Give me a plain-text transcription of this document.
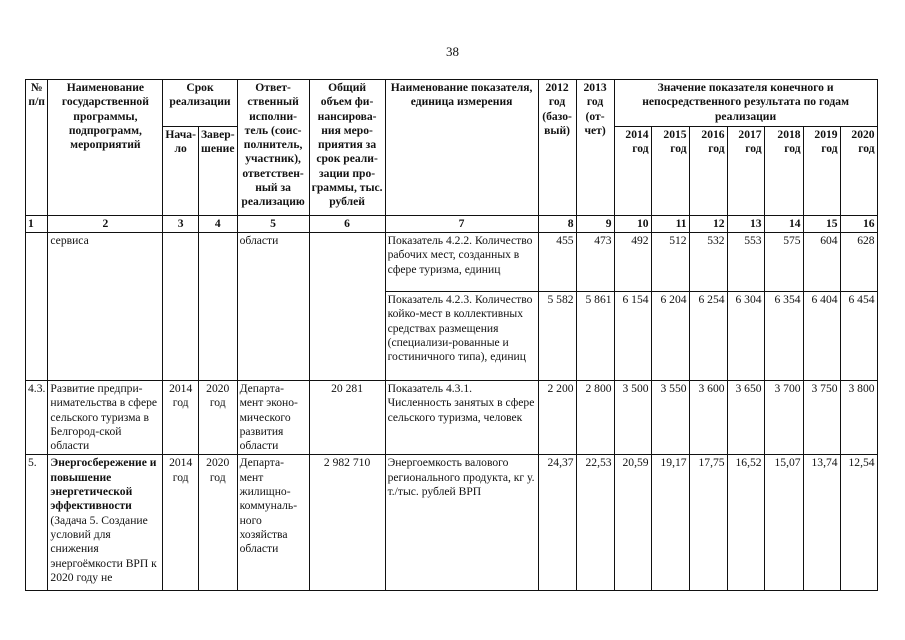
38
№ п/п	Наименование государственной программы, подпрограмм, мероприятий	Срок реализации		Ответ-ственный исполни-тель (соис-полнитель, участник), ответствен-ный за реализацию	Общий объем фи-нансирова-ния меро-приятия за срок реали-зации про-граммы, тыс. рублей	Наименование показателя, единица измерения	2012 год (базо-вый)	2013 год (от-чет)	Значение показателя конечного и непосредственного результата по годам реализации						
		Нача-ло	Завер-шение						2014 год	2015 год	2016 год	2017 год	2018 год	2019 год	2020 год
1	2	3	4	5	6	7	8	9	10	11	12	13	14	15	16
	сервиса			области		Показатель 4.2.2. Количество рабочих мест, созданных в сфере туризма, единиц	455	473	492	512	532	553	575	604	628
						Показатель 4.2.3. Количество койко-мест в коллективных средствах размещения (специализи-рованные и гостиничного типа), единиц	5 582	5 861	6 154	6 204	6 254	6 304	6 354	6 404	6 454
4.3.	Развитие предпри-нимательства в сфере сельского туризма в Белгород-ской области	2014 год	2020 год	Департа-мент эконо-мического развития области	20 281	Показатель 4.3.1. Численность занятых в сфере сельского туризма, человек	2 200	2 800	3 500	3 550	3 600	3 650	3 700	3 750	3 800
5.	Энергосбережение и повышение энергетической эффективности (Задача 5. Создание условий для снижения энергоёмкости ВРП к 2020 году не	2014 год	2020 год	Департа-мент жилищно-коммуналь-ного хозяйства области	2 982 710	Энергоемкость валового регионального продукта, кг у. т./тыс. рублей ВРП	24,37	22,53	20,59	19,17	17,75	16,52	15,07	13,74	12,54
